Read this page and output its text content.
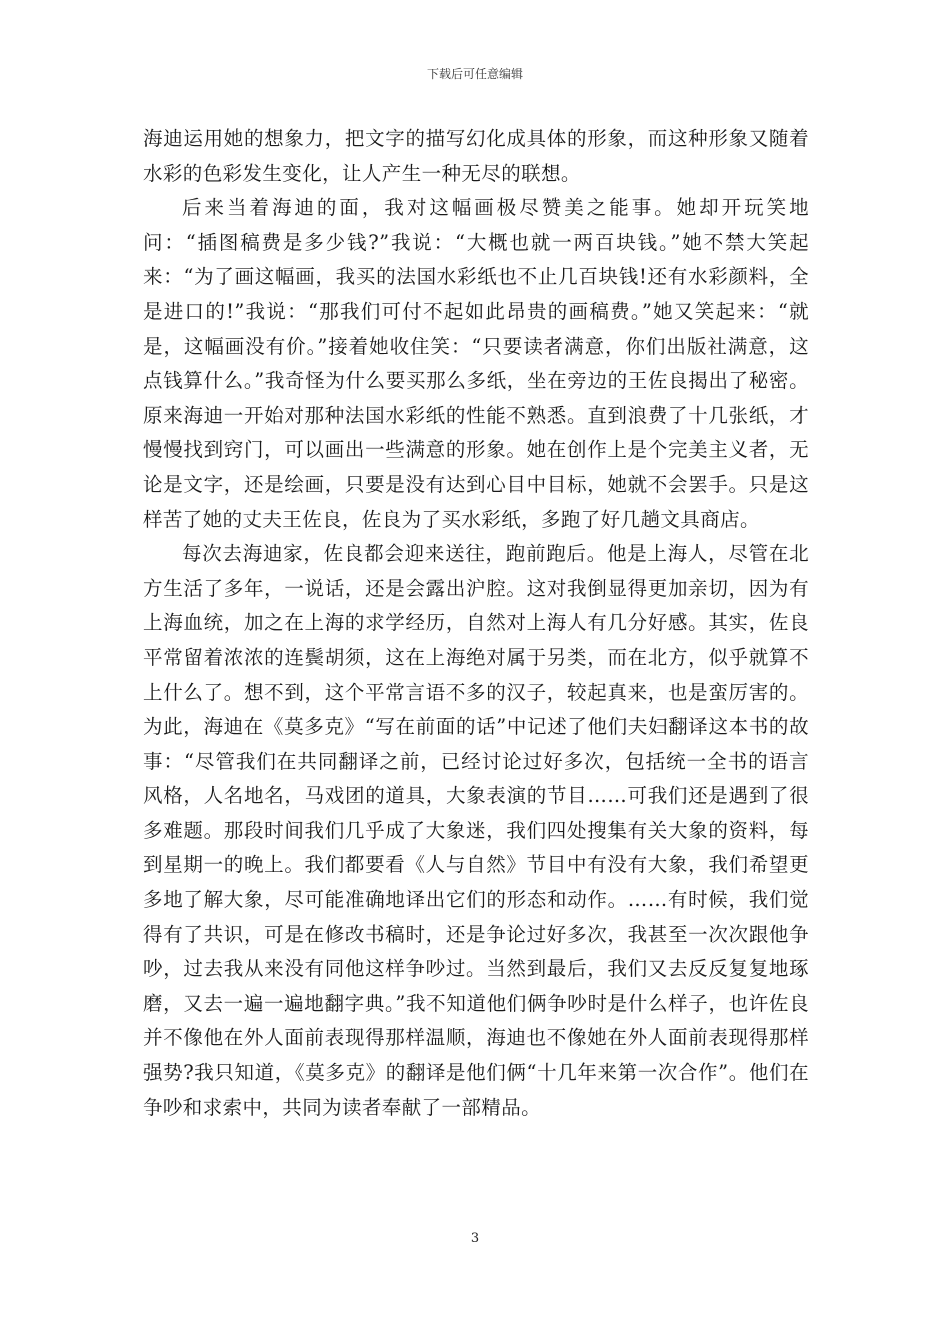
下载后可任意编辑

海迪运用她的想象力，把文字的描写幻化成具体的形象，而这种形象又随着水彩的色彩发生变化，让人产生一种无尽的联想。

后来当着海迪的面，我对这幅画极尽赞美之能事。她却开玩笑地问：“插图稿费是多少钱?”我说：“大概也就一两百块钱。”她不禁大笑起来：“为了画这幅画，我买的法国水彩纸也不止几百块钱!还有水彩颜料，全是进口的!”我说：“那我们可付不起如此昂贵的画稿费。”她又笑起来：“就是，这幅画没有价。”接着她收住笑：“只要读者满意，你们出版社满意，这点钱算什么。”我奇怪为什么要买那么多纸，坐在旁边的王佐良揭出了秘密。原来海迪一开始对那种法国水彩纸的性能不熟悉。直到浪费了十几张纸，才慢慢找到窍门，可以画出一些满意的形象。她在创作上是个完美主义者，无论是文字，还是绘画，只要是没有达到心目中目标，她就不会罢手。只是这样苦了她的丈夫王佐良，佐良为了买水彩纸，多跑了好几趟文具商店。

每次去海迪家，佐良都会迎来送往，跑前跑后。他是上海人，尽管在北方生活了多年，一说话，还是会露出沪腔。这对我倒显得更加亲切，因为有上海血统，加之在上海的求学经历，自然对上海人有几分好感。其实，佐良平常留着浓浓的连鬓胡须，这在上海绝对属于另类，而在北方，似乎就算不上什么了。想不到，这个平常言语不多的汉子，较起真来，也是蛮厉害的。为此，海迪在《莫多克》“写在前面的话”中记述了他们夫妇翻译这本书的故事：“尽管我们在共同翻译之前，已经讨论过好多次，包括统一全书的语言风格，人名地名，马戏团的道具，大象表演的节目……可我们还是遇到了很多难题。那段时间我们几乎成了大象迷，我们四处搜集有关大象的资料，每到星期一的晚上。我们都要看《人与自然》节目中有没有大象，我们希望更多地了解大象，尽可能准确地译出它们的形态和动作。……有时候，我们觉得有了共识，可是在修改书稿时，还是争论过好多次，我甚至一次次跟他争吵，过去我从来没有同他这样争吵过。当然到最后，我们又去反反复复地琢磨，又去一遍一遍地翻字典。”我不知道他们俩争吵时是什么样子，也许佐良并不像他在外人面前表现得那样温顺，海迪也不像她在外人面前表现得那样强势?我只知道，《莫多克》的翻译是他们俩“十几年来第一次合作”。他们在争吵和求索中，共同为读者奉献了一部精品。

3
